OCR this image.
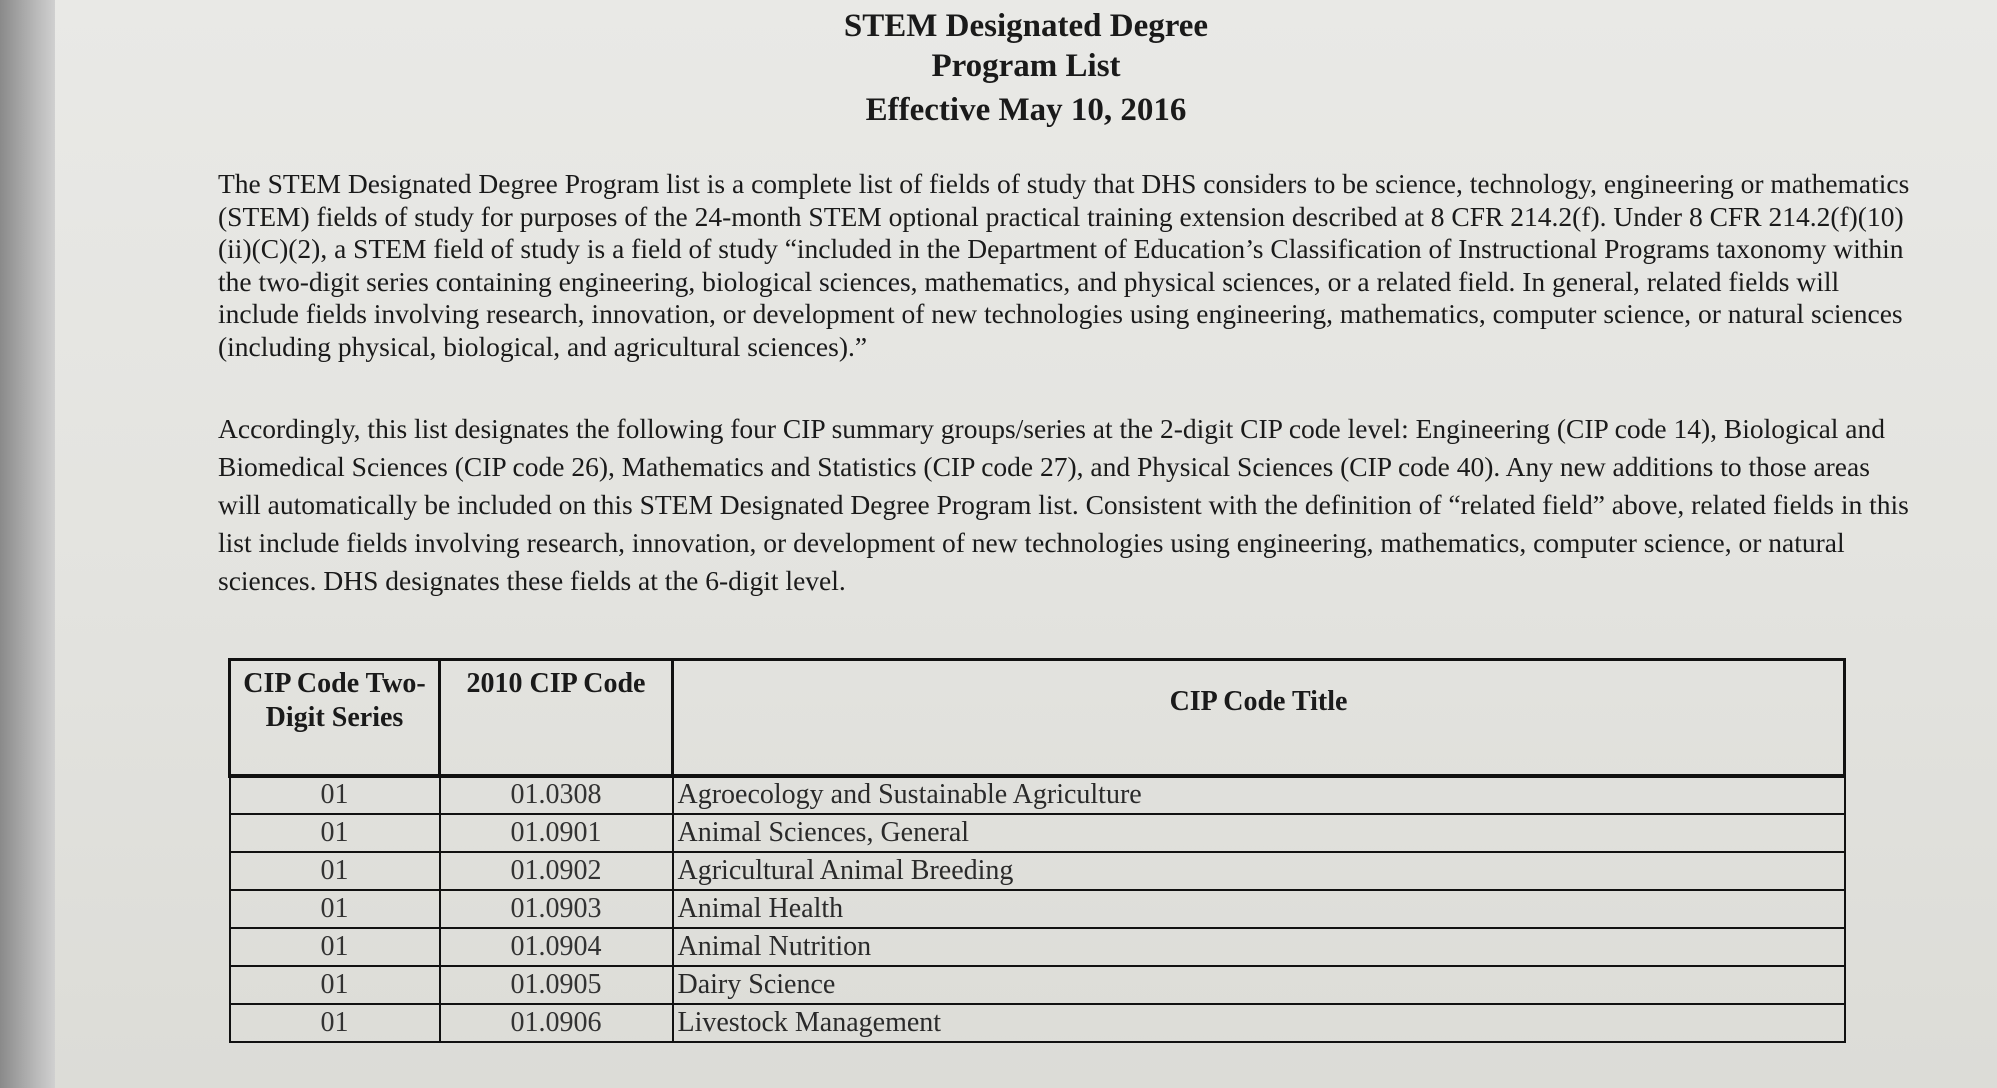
STEM Designated Degree
Program List
Effective May 10, 2016
The STEM Designated Degree Program list is a complete list of fields of study that DHS considers to be science, technology, engineering or mathematics (STEM) fields of study for purposes of the 24-month STEM optional practical training extension described at 8 CFR 214.2(f). Under 8 CFR 214.2(f)(10)(ii)(C)(2), a STEM field of study is a field of study “included in the Department of Education’s Classification of Instructional Programs taxonomy within the two-digit series containing engineering, biological sciences, mathematics, and physical sciences, or a related field. In general, related fields will include fields involving research, innovation, or development of new technologies using engineering, mathematics, computer science, or natural sciences (including physical, biological, and agricultural sciences).”
Accordingly, this list designates the following four CIP summary groups/series at the 2-digit CIP code level: Engineering (CIP code 14), Biological and Biomedical Sciences (CIP code 26), Mathematics and Statistics (CIP code 27), and Physical Sciences (CIP code 40). Any new additions to those areas will automatically be included on this STEM Designated Degree Program list. Consistent with the definition of “related field” above, related fields in this list include fields involving research, innovation, or development of new technologies using engineering, mathematics, computer science, or natural sciences. DHS designates these fields at the 6-digit level.
CIP Code Two-Digit Series	2010 CIP Code	CIP Code Title
01	01.0308	Agroecology and Sustainable Agriculture
01	01.0901	Animal Sciences, General
01	01.0902	Agricultural Animal Breeding
01	01.0903	Animal Health
01	01.0904	Animal Nutrition
01	01.0905	Dairy Science
01	01.0906	Livestock Management
